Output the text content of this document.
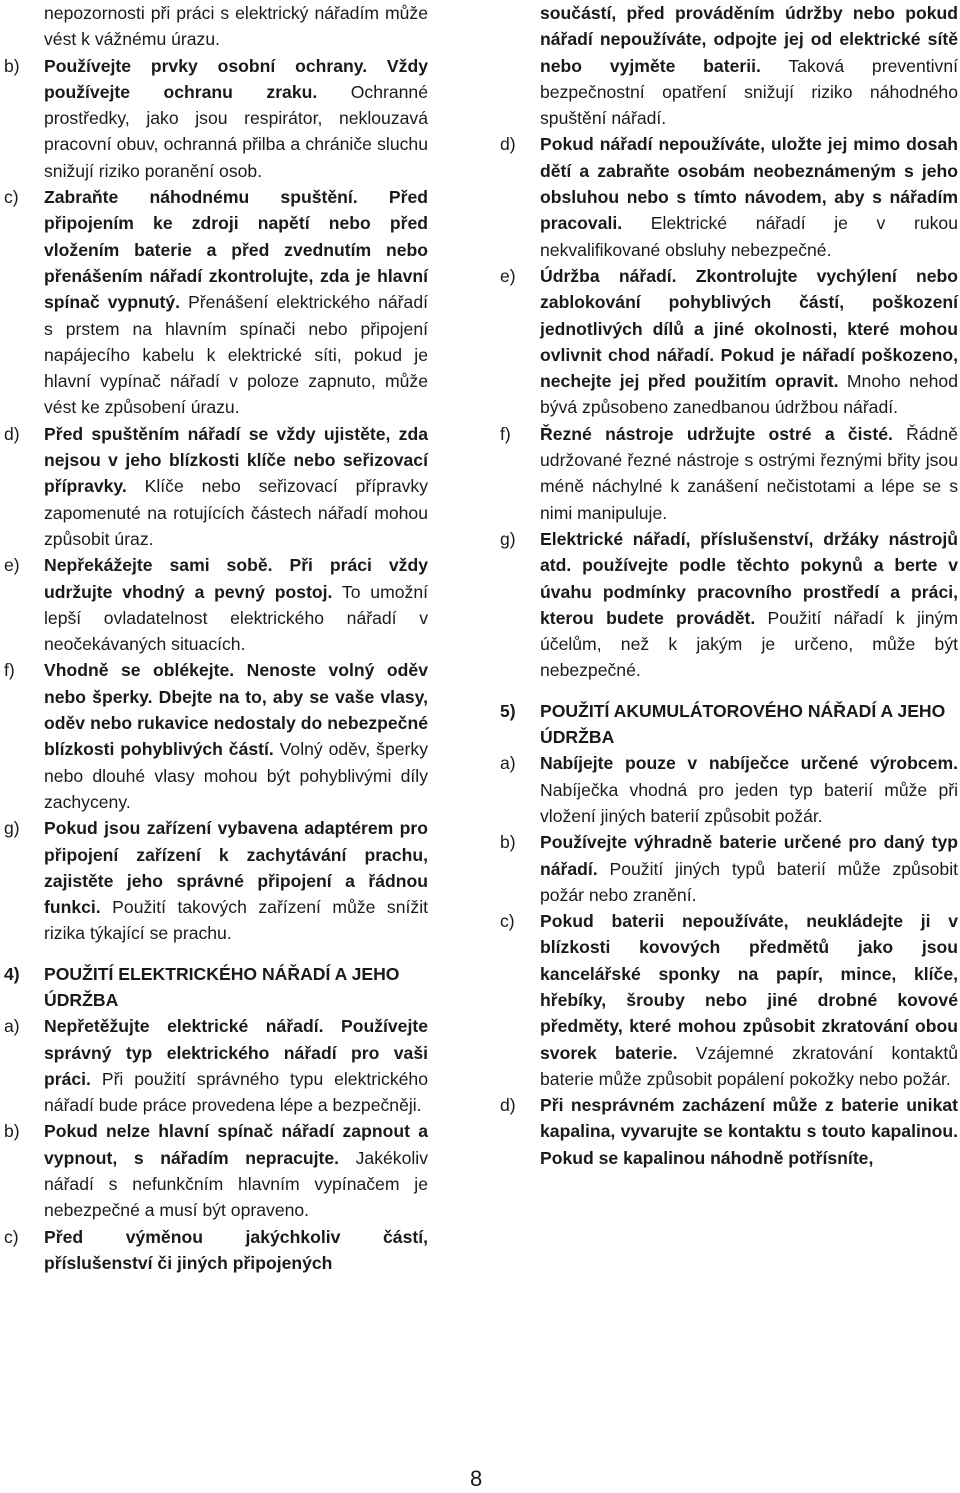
nepozornosti při práci s elektrický nářadím může vést k vážnému úrazu.
b) Používejte prvky osobní ochrany. Vždy používejte ochranu zraku. Ochranné prostředky, jako jsou respirátor, neklouzavá pracovní obuv, ochranná přilba a chrániče sluchu snižují riziko poranění osob.
c) Zabraňte náhodnému spuštění. Před připojením ke zdroji napětí nebo před vložením baterie a před zvednutím nebo přenášením nářadí zkontrolujte, zda je hlavní spínač vypnutý. Přenášení elektrického nářadí s prstem na hlavním spínači nebo připojení napájecího kabelu k elektrické síti, pokud je hlavní vypínač nářadí v poloze zapnuto, může vést ke způsobení úrazu.
d) Před spuštěním nářadí se vždy ujistěte, zda nejsou v jeho blízkosti klíče nebo seřizovací přípravky. Klíče nebo seřizovací přípravky zapomenuté na rotujících částech nářadí mohou způsobit úraz.
e) Nepřekážejte sami sobě. Při práci vždy udržujte vhodný a pevný postoj. To umožní lepší ovladatelnost elektrického nářadí v neočekávaných situacích.
f) Vhodně se oblékejte. Nenoste volný oděv nebo šperky. Dbejte na to, aby se vaše vlasy, oděv nebo rukavice nedostaly do nebezpečné blízkosti pohyblivých částí. Volný oděv, šperky nebo dlouhé vlasy mohou být pohyblivými díly zachyceny.
g) Pokud jsou zařízení vybavena adaptérem pro připojení zařízení k zachytávání prachu, zajistěte jeho správné připojení a řádnou funkci. Použití takových zařízení může snížit rizika týkající se prachu.
4) POUŽITÍ ELEKTRICKÉHO NÁŘADÍ A JEHO ÚDRŽBA
a) Nepřetěžujte elektrické nářadí. Používejte správný typ elektrického nářadí pro vaši práci. Při použití správného typu elektrického nářadí bude práce provedena lépe a bezpečněji.
b) Pokud nelze hlavní spínač nářadí zapnout a vypnout, s nářadím nepracujte. Jakékoliv nářadí s nefunkčním hlavním vypínačem je nebezpečné a musí být opraveno.
c) Před výměnou jakýchkoliv částí, příslušenství či jiných připojených
součástí, před prováděním údržby nebo pokud nářadí nepoužíváte, odpojte jej od elektrické sítě nebo vyjměte baterii. Taková preventivní bezpečnostní opatření snižují riziko náhodného spuštění nářadí.
d) Pokud nářadí nepoužíváte, uložte jej mimo dosah dětí a zabraňte osobám neobeznámeným s jeho obsluhou nebo s tímto návodem, aby s nářadím pracovali. Elektrické nářadí je v rukou nekvalifikované obsluhy nebezpečné.
e) Údržba nářadí. Zkontrolujte vychýlení nebo zablokování pohyblivých částí, poškození jednotlivých dílů a jiné okolnosti, které mohou ovlivnit chod nářadí. Pokud je nářadí poškozeno, nechejte jej před použitím opravit. Mnoho nehod bývá způsobeno zanedbanou údržbou nářadí.
f) Řezné nástroje udržujte ostré a čisté. Řádně udržované řezné nástroje s ostrými řeznými břity jsou méně náchylné k zanášení nečistotami a lépe se s nimi manipuluje.
g) Elektrické nářadí, příslušenství, držáky nástrojů atd. používejte podle těchto pokynů a berte v úvahu podmínky pracovního prostředí a práci, kterou budete provádět. Použití nářadí k jiným účelům, než k jakým je určeno, může být nebezpečné.
5) POUŽITÍ AKUMULÁTOROVÉHO NÁŘADÍ A JEHO ÚDRŽBA
a) Nabíjejte pouze v nabíječce určené výrobcem. Nabíječka vhodná pro jeden typ baterií může při vložení jiných baterií způsobit požár.
b) Používejte výhradně baterie určené pro daný typ nářadí. Použití jiných typů baterií může způsobit požár nebo zranění.
c) Pokud baterii nepoužíváte, neukládejte ji v blízkosti kovových předmětů jako jsou kancelářské sponky na papír, mince, klíče, hřebíky, šrouby nebo jiné drobné kovové předměty, které mohou způsobit zkratování obou svorek baterie. Vzájemné zkratování kontaktů baterie může způsobit popálení pokožky nebo požár.
d) Při nesprávném zacházení může z baterie unikat kapalina, vyvarujte se kontaktu s touto kapalinou. Pokud se kapalinou náhodně potřísníte,
8
